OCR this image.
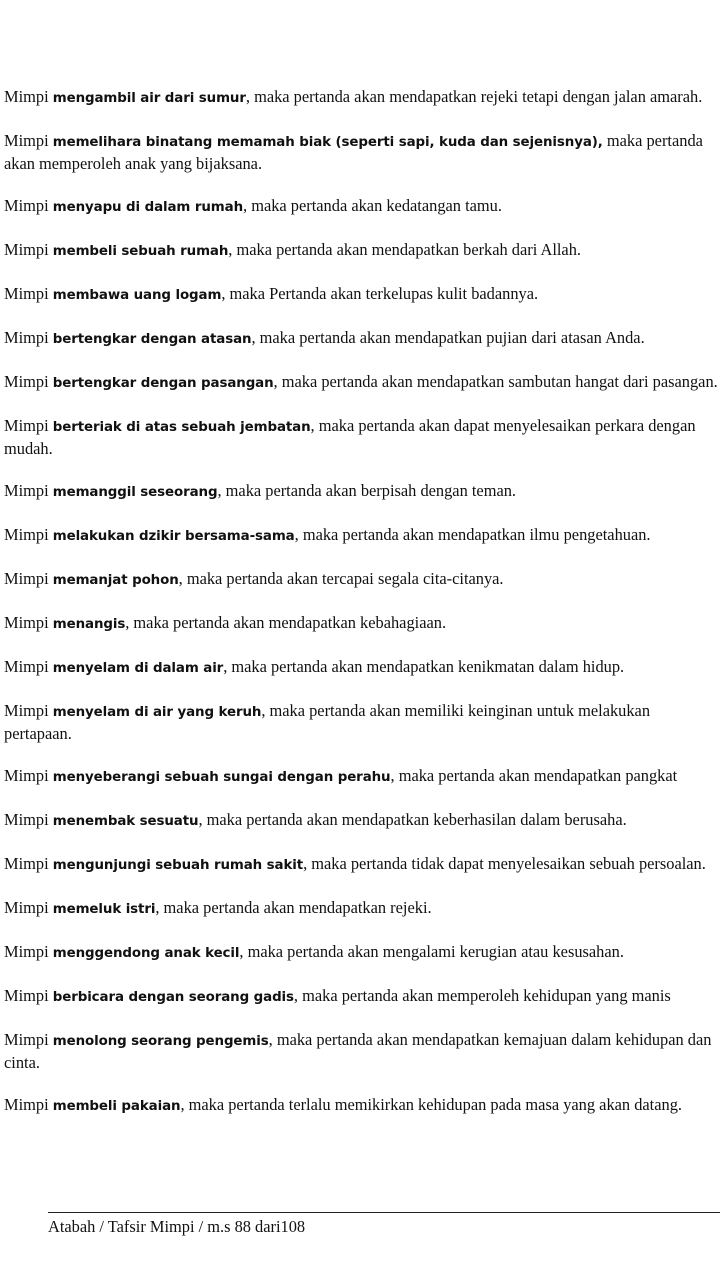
Mimpi mengambil air dari sumur, maka pertanda akan mendapatkan rejeki tetapi dengan jalan amarah.

Mimpi memelihara binatang memamah biak (seperti sapi, kuda dan sejenisnya), maka pertanda akan memperoleh anak yang bijaksana.

Mimpi menyapu di dalam rumah, maka pertanda akan kedatangan tamu.

Mimpi membeli sebuah rumah, maka pertanda akan mendapatkan berkah dari Allah.

Mimpi membawa uang logam, maka Pertanda akan terkelupas kulit badannya.

Mimpi bertengkar dengan atasan, maka pertanda akan mendapatkan pujian dari atasan Anda.

Mimpi bertengkar dengan pasangan, maka pertanda akan mendapatkan sambutan hangat dari pasangan.

Mimpi berteriak di atas sebuah jembatan, maka pertanda akan dapat menyelesaikan perkara dengan mudah.

Mimpi memanggil seseorang, maka pertanda akan berpisah dengan teman.

Mimpi melakukan dzikir bersama-sama, maka pertanda akan mendapatkan ilmu pengetahuan.

Mimpi memanjat pohon, maka pertanda akan tercapai segala cita-citanya.

Mimpi menangis, maka pertanda akan mendapatkan kebahagiaan.

Mimpi menyelam di dalam air, maka pertanda akan mendapatkan kenikmatan dalam hidup.

Mimpi menyelam di air yang keruh, maka pertanda akan memiliki keinginan untuk melakukan pertapaan.

Mimpi menyeberangi sebuah sungai dengan perahu, maka pertanda akan mendapatkan pangkat

Mimpi menembak sesuatu, maka pertanda akan mendapatkan keberhasilan dalam berusaha.

Mimpi mengunjungi sebuah rumah sakit, maka pertanda tidak dapat menyelesaikan sebuah persoalan.

Mimpi memeluk istri, maka pertanda akan mendapatkan rejeki.

Mimpi menggendong anak kecil, maka pertanda akan mengalami kerugian atau kesusahan.

Mimpi berbicara dengan seorang gadis, maka pertanda akan memperoleh kehidupan yang manis

Mimpi menolong seorang pengemis, maka pertanda akan mendapatkan kemajuan dalam kehidupan dan cinta.

Mimpi membeli pakaian, maka pertanda terlalu memikirkan kehidupan pada masa yang akan datang.

Atabah / Tafsir Mimpi / m.s 88 dari108
